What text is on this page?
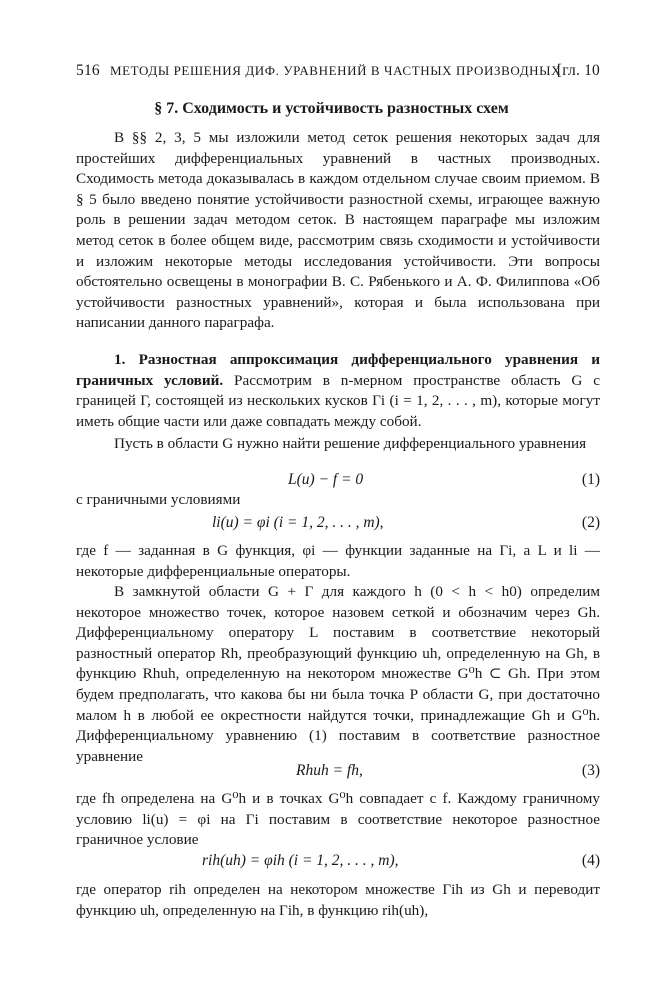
516 МЕТОДЫ РЕШЕНИЯ ДИФ. УРАВНЕНИЙ В ЧАСТНЫХ ПРОИЗВОДНЫХ
[гл. 10
§ 7. Сходимость и устойчивость разностных схем
В §§ 2, 3, 5 мы изложили метод сеток решения некоторых задач для простейших дифференциальных уравнений в частных производных. Сходимость метода доказывалась в каждом отдельном случае своим приемом. В § 5 было введено понятие устойчивости разностной схемы, играющее важную роль в решении задач методом сеток. В настоящем параграфе мы изложим метод сеток в более общем виде, рассмотрим связь сходимости и устойчивости и изложим некоторые методы исследования устойчивости. Эти вопросы обстоятельно освещены в монографии В. С. Рябенького и А. Ф. Филиппова «Об устойчивости разностных уравнений», которая и была использована при написании данного параграфа.
1. Разностная аппроксимация дифференциального уравнения и граничных условий. Рассмотрим в n-мерном пространстве область G с границей Γ, состоящей из нескольких кусков Γi (i = 1, 2, . . . , m), которые могут иметь общие части или даже совпадать между собой.
Пусть в области G нужно найти решение дифференциального уравнения
L(u) − f = 0	(1)
с граничными условиями
li(u) = φi (i = 1, 2, . . . , m),	(2)
где f — заданная в G функция, φi — функции заданные на Γi, а L и li — некоторые дифференциальные операторы.
В замкнутой области G + Γ для каждого h (0 < h < h0) определим некоторое множество точек, которое назовем сеткой и обозначим через Gh. Дифференциальному оператору L поставим в соответствие некоторый разностный оператор Rh, преобразующий функцию uh, определенную на Gh, в функцию Rhuh, определенную на некотором множестве G⁰h ⊂ Gh. При этом будем предполагать, что какова бы ни была точка P области G, при достаточно малом h в любой ее окрестности найдутся точки, принадлежащие Gh и G⁰h. Дифференциальному уравнению (1) поставим в соответствие разностное уравнение
Rhuh = fh,	(3)
где fh определена на G⁰h и в точках G⁰h совпадает с f. Каждому граничному условию li(u) = φi на Γi поставим в соответствие некоторое разностное граничное условие
rih(uh) = φih (i = 1, 2, . . . , m),	(4)
где оператор rih определен на некотором множестве Γih из Gh и переводит функцию uh, определенную на Γih, в функцию rih(uh),
